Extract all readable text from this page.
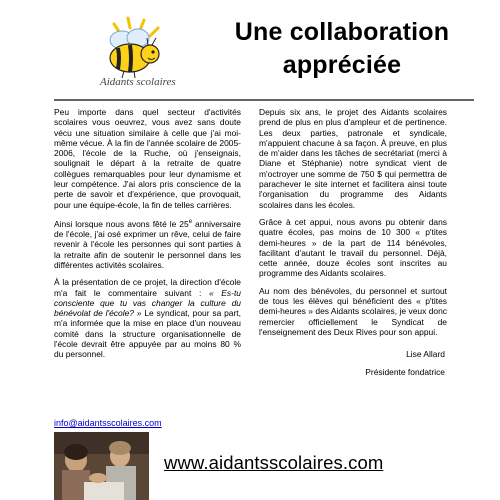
Aidants scolaires
Une collaboration
appréciée

Peu importe dans quel secteur d'activités scolaires vous oeuvrez, vous avez sans doute vécu une situation similaire à celle que j'ai moi-même vécue. À la fin de l'année scolaire de 2005-2006, l'école de la Ruche, où j'enseignais, soulignait le départ à la retraite de quatre collègues remarquables pour leur dynamisme et leur compétence. J'ai alors pris conscience de la perte de savoir et d'expérience, que provoquait, pour une équipe-école, la fin de telles carrières.

Ainsi lorsque nous avons fêté le 25e anniversaire de l'école, j'ai osé exprimer un rêve, celui de faire revenir à l'école les personnes qui sont parties à la retraite afin de soutenir le personnel dans les différentes activités scolaires.

À la présentation de ce projet, la direction d'école m'a fait le commentaire suivant : « Es-tu consciente que tu vas changer la culture du bénévolat de l'école? » Le syndicat, pour sa part, m'a informée que la mise en place d'un nouveau comité dans la structure organisationnelle de l'école devrait être appuyée par au moins 80 % du personnel.

Depuis six ans, le projet des Aidants scolaires prend de plus en plus d'ampleur et de pertinence. Les deux parties, patronale et syndicale, m'appuient chacune à sa façon. À preuve, en plus de m'aider dans les tâches de secrétariat (merci à Diane et Stéphanie) notre syndicat vient de m'octroyer une somme de 750 $ qui permettra de parachever le site internet et facilitera ainsi toute l'organisation du programme des Aidants scolaires dans les écoles.

Grâce à cet appui, nous avons pu obtenir dans quatre écoles, pas moins de 10 300 « p'tites demi-heures » de la part de 114 bénévoles, facilitant d'autant le travail du personnel. Déjà, cette année, douze écoles sont inscrites au programme des Aidants scolaires.

Au nom des bénévoles, du personnel et surtout de tous les élèves qui bénéficient des « p'tites demi-heures » des Aidants scolaires, je veux donc remercier officiellement le Syndicat de l'enseignement des Deux Rives pour son appui.

Lise Allard

Présidente fondatrice

info@aidantsscolaires.com
www.aidantsscolaires.com
